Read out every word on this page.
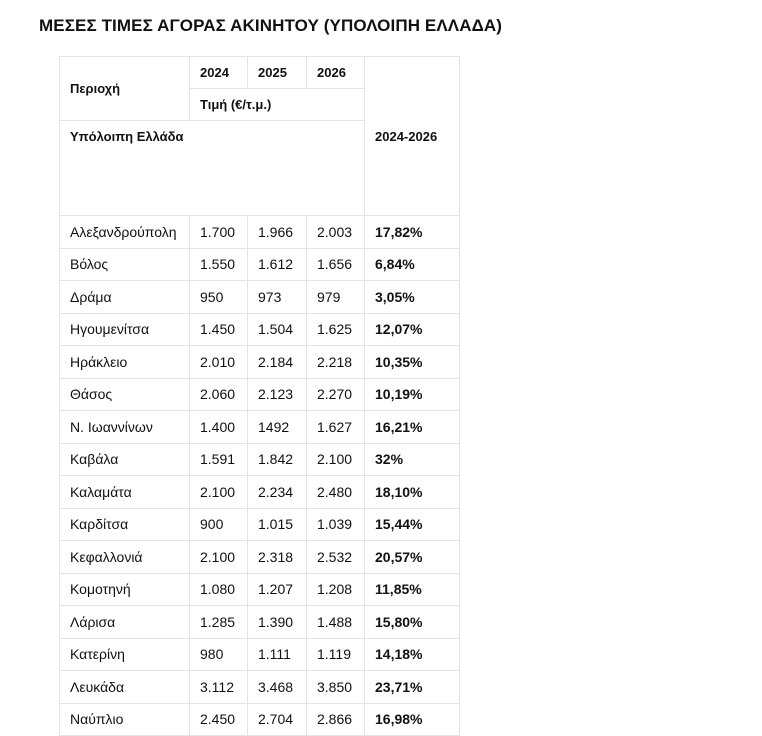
ΜΕΣΕΣ ΤΙΜΕΣ ΑΓΟΡΑΣ ΑΚΙΝΗΤΟΥ (ΥΠΟΛΟΙΠΗ ΕΛΛΑΔΑ)
Περιοχή	2024	2025	2026	2024-2026
	Τιμή (€/τ.μ.)			
Υπόλοιπη Ελλάδα				
Αλεξανδρούπολη	1.700	1.966	2.003	17,82%
Βόλος	1.550	1.612	1.656	6,84%
Δράμα	950	973	979	3,05%
Ηγουμενίτσα	1.450	1.504	1.625	12,07%
Ηράκλειο	2.010	2.184	2.218	10,35%
Θάσος	2.060	2.123	2.270	10,19%
Ν. Ιωαννίνων	1.400	1492	1.627	16,21%
Καβάλα	1.591	1.842	2.100	32%
Καλαμάτα	2.100	2.234	2.480	18,10%
Καρδίτσα	900	1.015	1.039	15,44%
Κεφαλλονιά	2.100	2.318	2.532	20,57%
Κομοτηνή	1.080	1.207	1.208	11,85%
Λάρισα	1.285	1.390	1.488	15,80%
Κατερίνη	980	1.111	1.119	14,18%
Λευκάδα	3.112	3.468	3.850	23,71%
Ναύπλιο	2.450	2.704	2.866	16,98%
